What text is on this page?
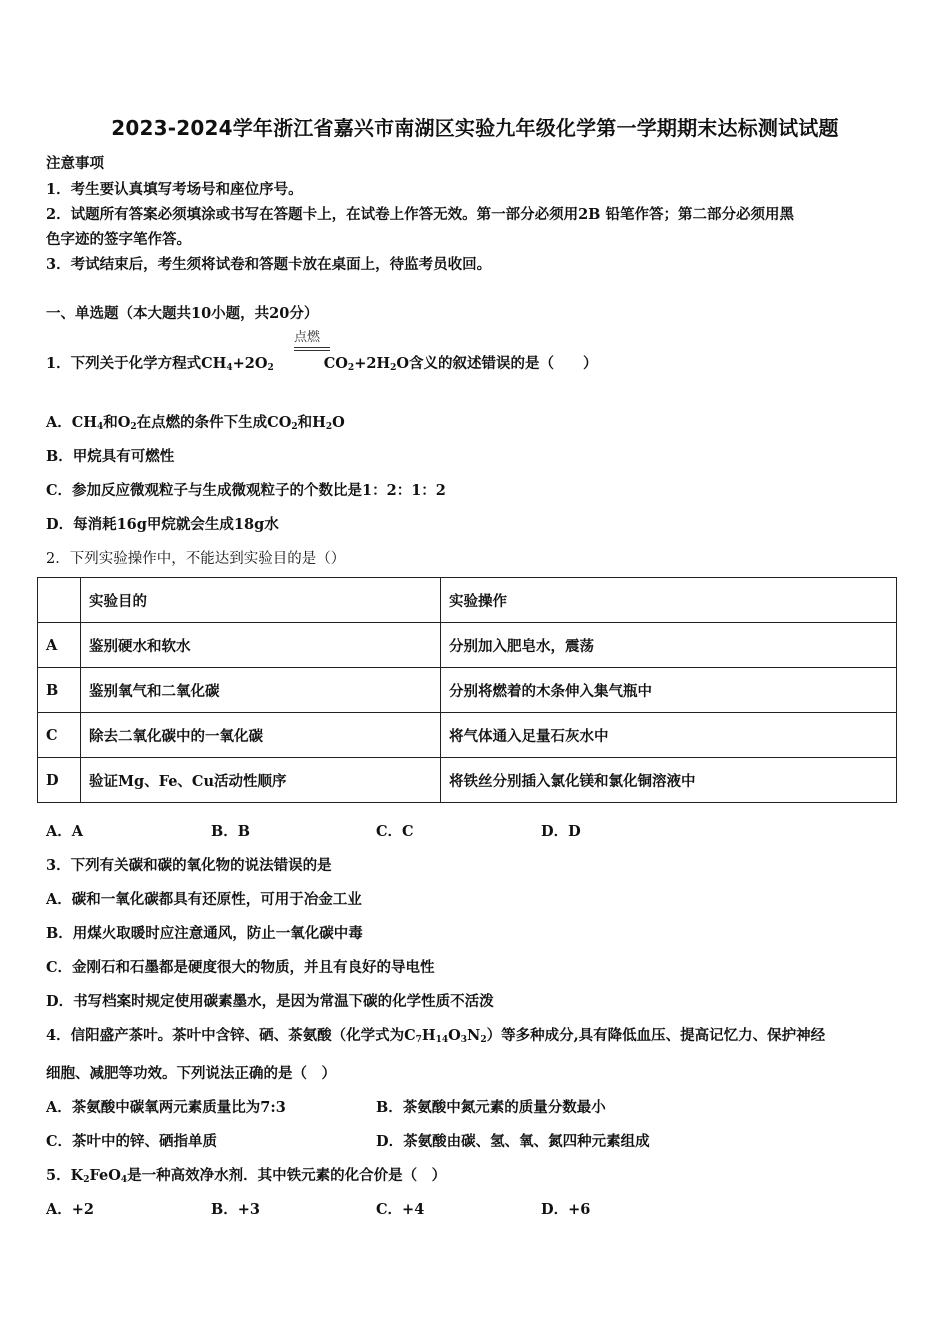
2023-2024学年浙江省嘉兴市南湖区实验九年级化学第一学期期末达标测试试题
注意事项
1．考生要认真填写考场号和座位序号。
2．试题所有答案必须填涂或书写在答题卡上，在试卷上作答无效。第一部分必须用2B 铅笔作答；第二部分必须用黑
色字迹的签字笔作答。
3．考试结束后，考生须将试卷和答题卡放在桌面上，待监考员收回。
一、单选题（本大题共10小题，共20分）
1．下列关于化学方程式$CH_4+2O_2$	$CO_2+2H_2O$含义的叙述错误的是（　　）
点燃
A．$CH_4$和$O_2$在点燃的条件下生成$CO_2$和$H_2O$
B．甲烷具有可燃性
C．参加反应微观粒子与生成微观粒子的个数比是1：2：1：2
D．每消耗16g甲烷就会生成18g水
2．下列实验操作中，不能达到实验目的是（）
	实验目的	实验操作
A	鉴别硬水和软水	分别加入肥皂水，震荡
B	鉴别氧气和二氧化碳	分别将燃着的木条伸入集气瓶中
C	除去二氧化碳中的一氧化碳	将气体通入足量石灰水中
D	验证Mg、Fe、Cu活动性顺序	将铁丝分别插入氯化镁和氯化铜溶液中
A．A	B．B	C．C	D．D
3．下列有关碳和碳的氧化物的说法错误的是
A．碳和一氧化碳都具有还原性，可用于冶金工业
B．用煤火取暖时应注意通风，防止一氧化碳中毒
C．金刚石和石墨都是硬度很大的物质，并且有良好的导电性
D．书写档案时规定使用碳素墨水，是因为常温下碳的化学性质不活泼
4．信阳盛产茶叶。茶叶中含锌、硒、茶氨酸（化学式为$C_7H_{14}O_3N_2$）等多种成分,具有降低血压、提高记忆力、保护神经
细胞、减肥等功效。下列说法正确的是（　）
A．茶氨酸中碳氧两元素质量比为7:3	B．茶氨酸中氮元素的质量分数最小
C．茶叶中的锌、硒指单质	D．茶氨酸由碳、氢、氧、氮四种元素组成
5．$K_2FeO_4$是一种高效净水剂．其中铁元素的化合价是（　）
A．+2	B．+3	C．+4	D．+6
